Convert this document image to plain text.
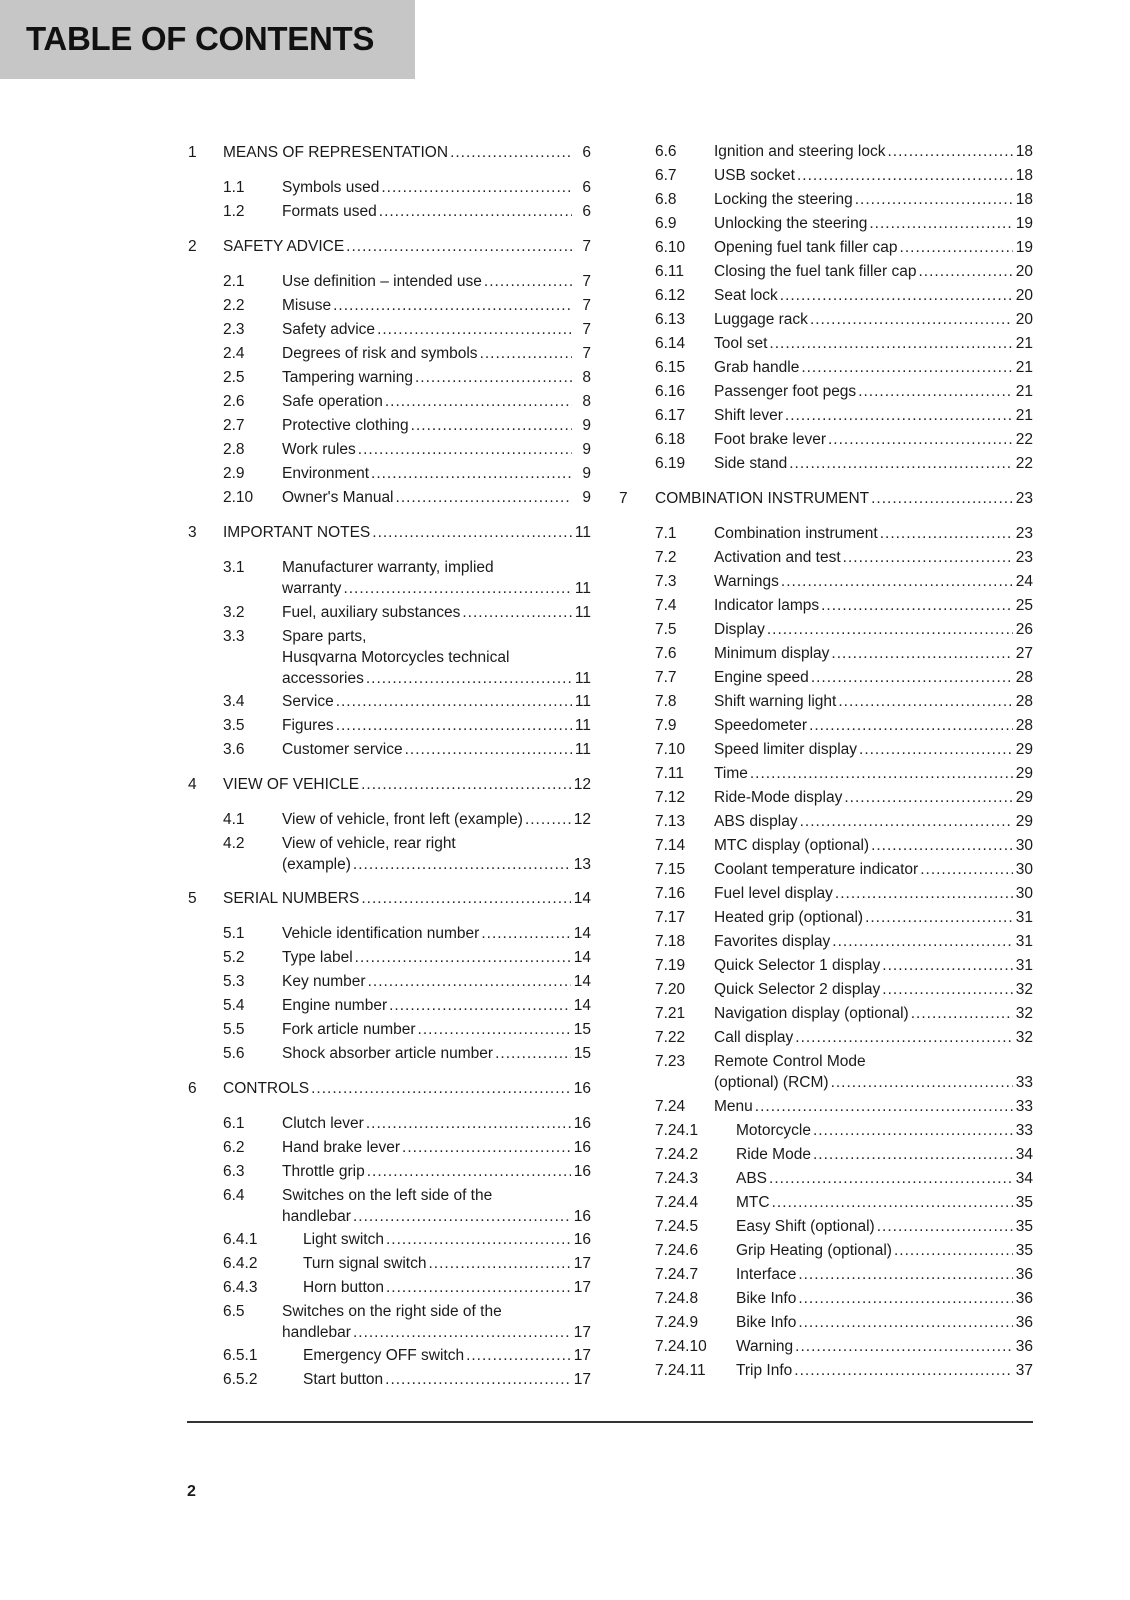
TABLE OF CONTENTS
1 MEANS OF REPRESENTATION .....	6
1.1 Symbols used .....	6
1.2 Formats used .....	6
2 SAFETY ADVICE .....	7
2.1 Use definition – intended use .....	7
2.2 Misuse .....	7
2.3 Safety advice .....	7
2.4 Degrees of risk and symbols .....	7
2.5 Tampering warning .....	8
2.6 Safe operation .....	8
2.7 Protective clothing .....	9
2.8 Work rules .....	9
2.9 Environment .....	9
2.10 Owner's Manual .....	9
3 IMPORTANT NOTES .....	11
3.1 Manufacturer warranty, implied
warranty .....	11
3.2 Fuel, auxiliary substances .....	11
3.3 Spare parts,
Husqvarna Motorcycles technical
accessories .....	11
3.4 Service .....	11
3.5 Figures .....	11
3.6 Customer service .....	11
4 VIEW OF VEHICLE .....	12
4.1 View of vehicle, front left (example) .....	12
4.2 View of vehicle, rear right
(example) .....	13
5 SERIAL NUMBERS .....	14
5.1 Vehicle identification number .....	14
5.2 Type label .....	14
5.3 Key number .....	14
5.4 Engine number .....	14
5.5 Fork article number .....	15
5.6 Shock absorber article number .....	15
6 CONTROLS .....	16
6.1 Clutch lever .....	16
6.2 Hand brake lever .....	16
6.3 Throttle grip .....	16
6.4 Switches on the left side of the
handlebar .....	16
6.4.1	Light switch .....	16
6.4.2	Turn signal switch .....	17
6.4.3	Horn button .....	17
6.5 Switches on the right side of the
handlebar .....	17
6.5.1	Emergency OFF switch .....	17
6.5.2	Start button .....	17
6.6 Ignition and steering lock .....	18
6.7 USB socket .....	18
6.8 Locking the steering .....	18
6.9 Unlocking the steering .....	19
6.10 Opening fuel tank filler cap .....	19
6.11 Closing the fuel tank filler cap .....	20
6.12 Seat lock .....	20
6.13 Luggage rack .....	20
6.14 Tool set .....	21
6.15 Grab handle .....	21
6.16 Passenger foot pegs .....	21
6.17 Shift lever .....	21
6.18 Foot brake lever .....	22
6.19 Side stand .....	22
7 COMBINATION INSTRUMENT .....	23
7.1 Combination instrument .....	23
7.2 Activation and test .....	23
7.3 Warnings .....	24
7.4 Indicator lamps .....	25
7.5 Display .....	26
7.6 Minimum display .....	27
7.7 Engine speed .....	28
7.8 Shift warning light .....	28
7.9 Speedometer .....	28
7.10 Speed limiter display .....	29
7.11 Time .....	29
7.12 Ride-Mode display .....	29
7.13 ABS display .....	29
7.14 MTC display (optional) .....	30
7.15 Coolant temperature indicator .....	30
7.16 Fuel level display .....	30
7.17 Heated grip (optional) .....	31
7.18 Favorites display .....	31
7.19 Quick Selector 1 display .....	31
7.20 Quick Selector 2 display .....	32
7.21 Navigation display (optional) .....	32
7.22 Call display .....	32
7.23 Remote Control Mode
(optional) (RCM) .....	33
7.24 Menu .....	33
7.24.1 Motorcycle .....	33
7.24.2 Ride Mode .....	34
7.24.3 ABS .....	34
7.24.4 MTC .....	35
7.24.5 Easy Shift (optional) .....	35
7.24.6 Grip Heating (optional) .....	35
7.24.7 Interface .....	36
7.24.8 Bike Info .....	36
7.24.9 Bike Info .....	36
7.24.10 Warning .....	36
7.24.11 Trip Info .....	37
2
